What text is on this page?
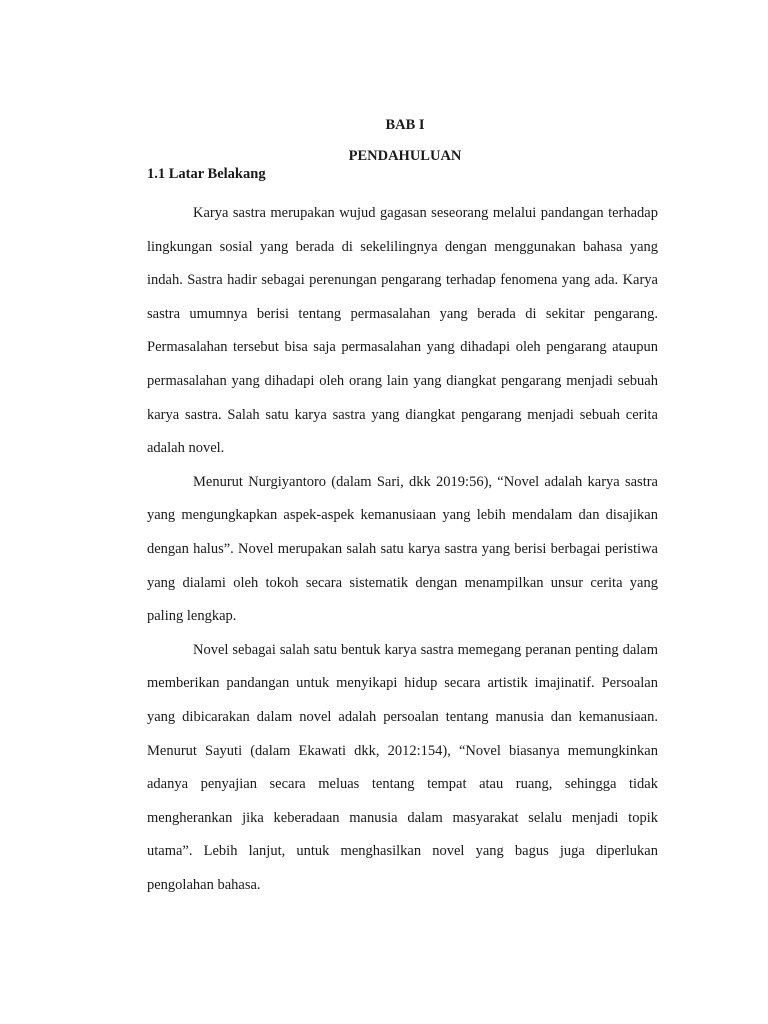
BAB I
PENDAHULUAN
1.1 Latar Belakang

Karya sastra merupakan wujud gagasan seseorang melalui pandangan terhadap lingkungan sosial yang berada di sekelilingnya dengan menggunakan bahasa yang indah. Sastra hadir sebagai perenungan pengarang terhadap fenomena yang ada. Karya sastra umumnya berisi tentang permasalahan yang berada di sekitar pengarang. Permasalahan tersebut bisa saja permasalahan yang dihadapi oleh pengarang ataupun permasalahan yang dihadapi oleh orang lain yang diangkat pengarang menjadi sebuah karya sastra. Salah satu karya sastra yang diangkat pengarang menjadi sebuah cerita adalah novel.

Menurut Nurgiyantoro (dalam Sari, dkk 2019:56), “Novel adalah karya sastra yang mengungkapkan aspek-aspek kemanusiaan yang lebih mendalam dan disajikan dengan halus”. Novel merupakan salah satu karya sastra yang berisi berbagai peristiwa yang dialami oleh tokoh secara sistematik dengan menampilkan unsur cerita yang paling lengkap.

Novel sebagai salah satu bentuk karya sastra memegang peranan penting dalam memberikan pandangan untuk menyikapi hidup secara artistik imajinatif. Persoalan yang dibicarakan dalam novel adalah persoalan tentang manusia dan kemanusiaan. Menurut Sayuti (dalam Ekawati dkk, 2012:154), “Novel biasanya memungkinkan adanya penyajian secara meluas tentang tempat atau ruang, sehingga tidak mengherankan jika keberadaan manusia dalam masyarakat selalu menjadi topik utama”. Lebih lanjut, untuk menghasilkan novel yang bagus juga diperlukan pengolahan bahasa.
